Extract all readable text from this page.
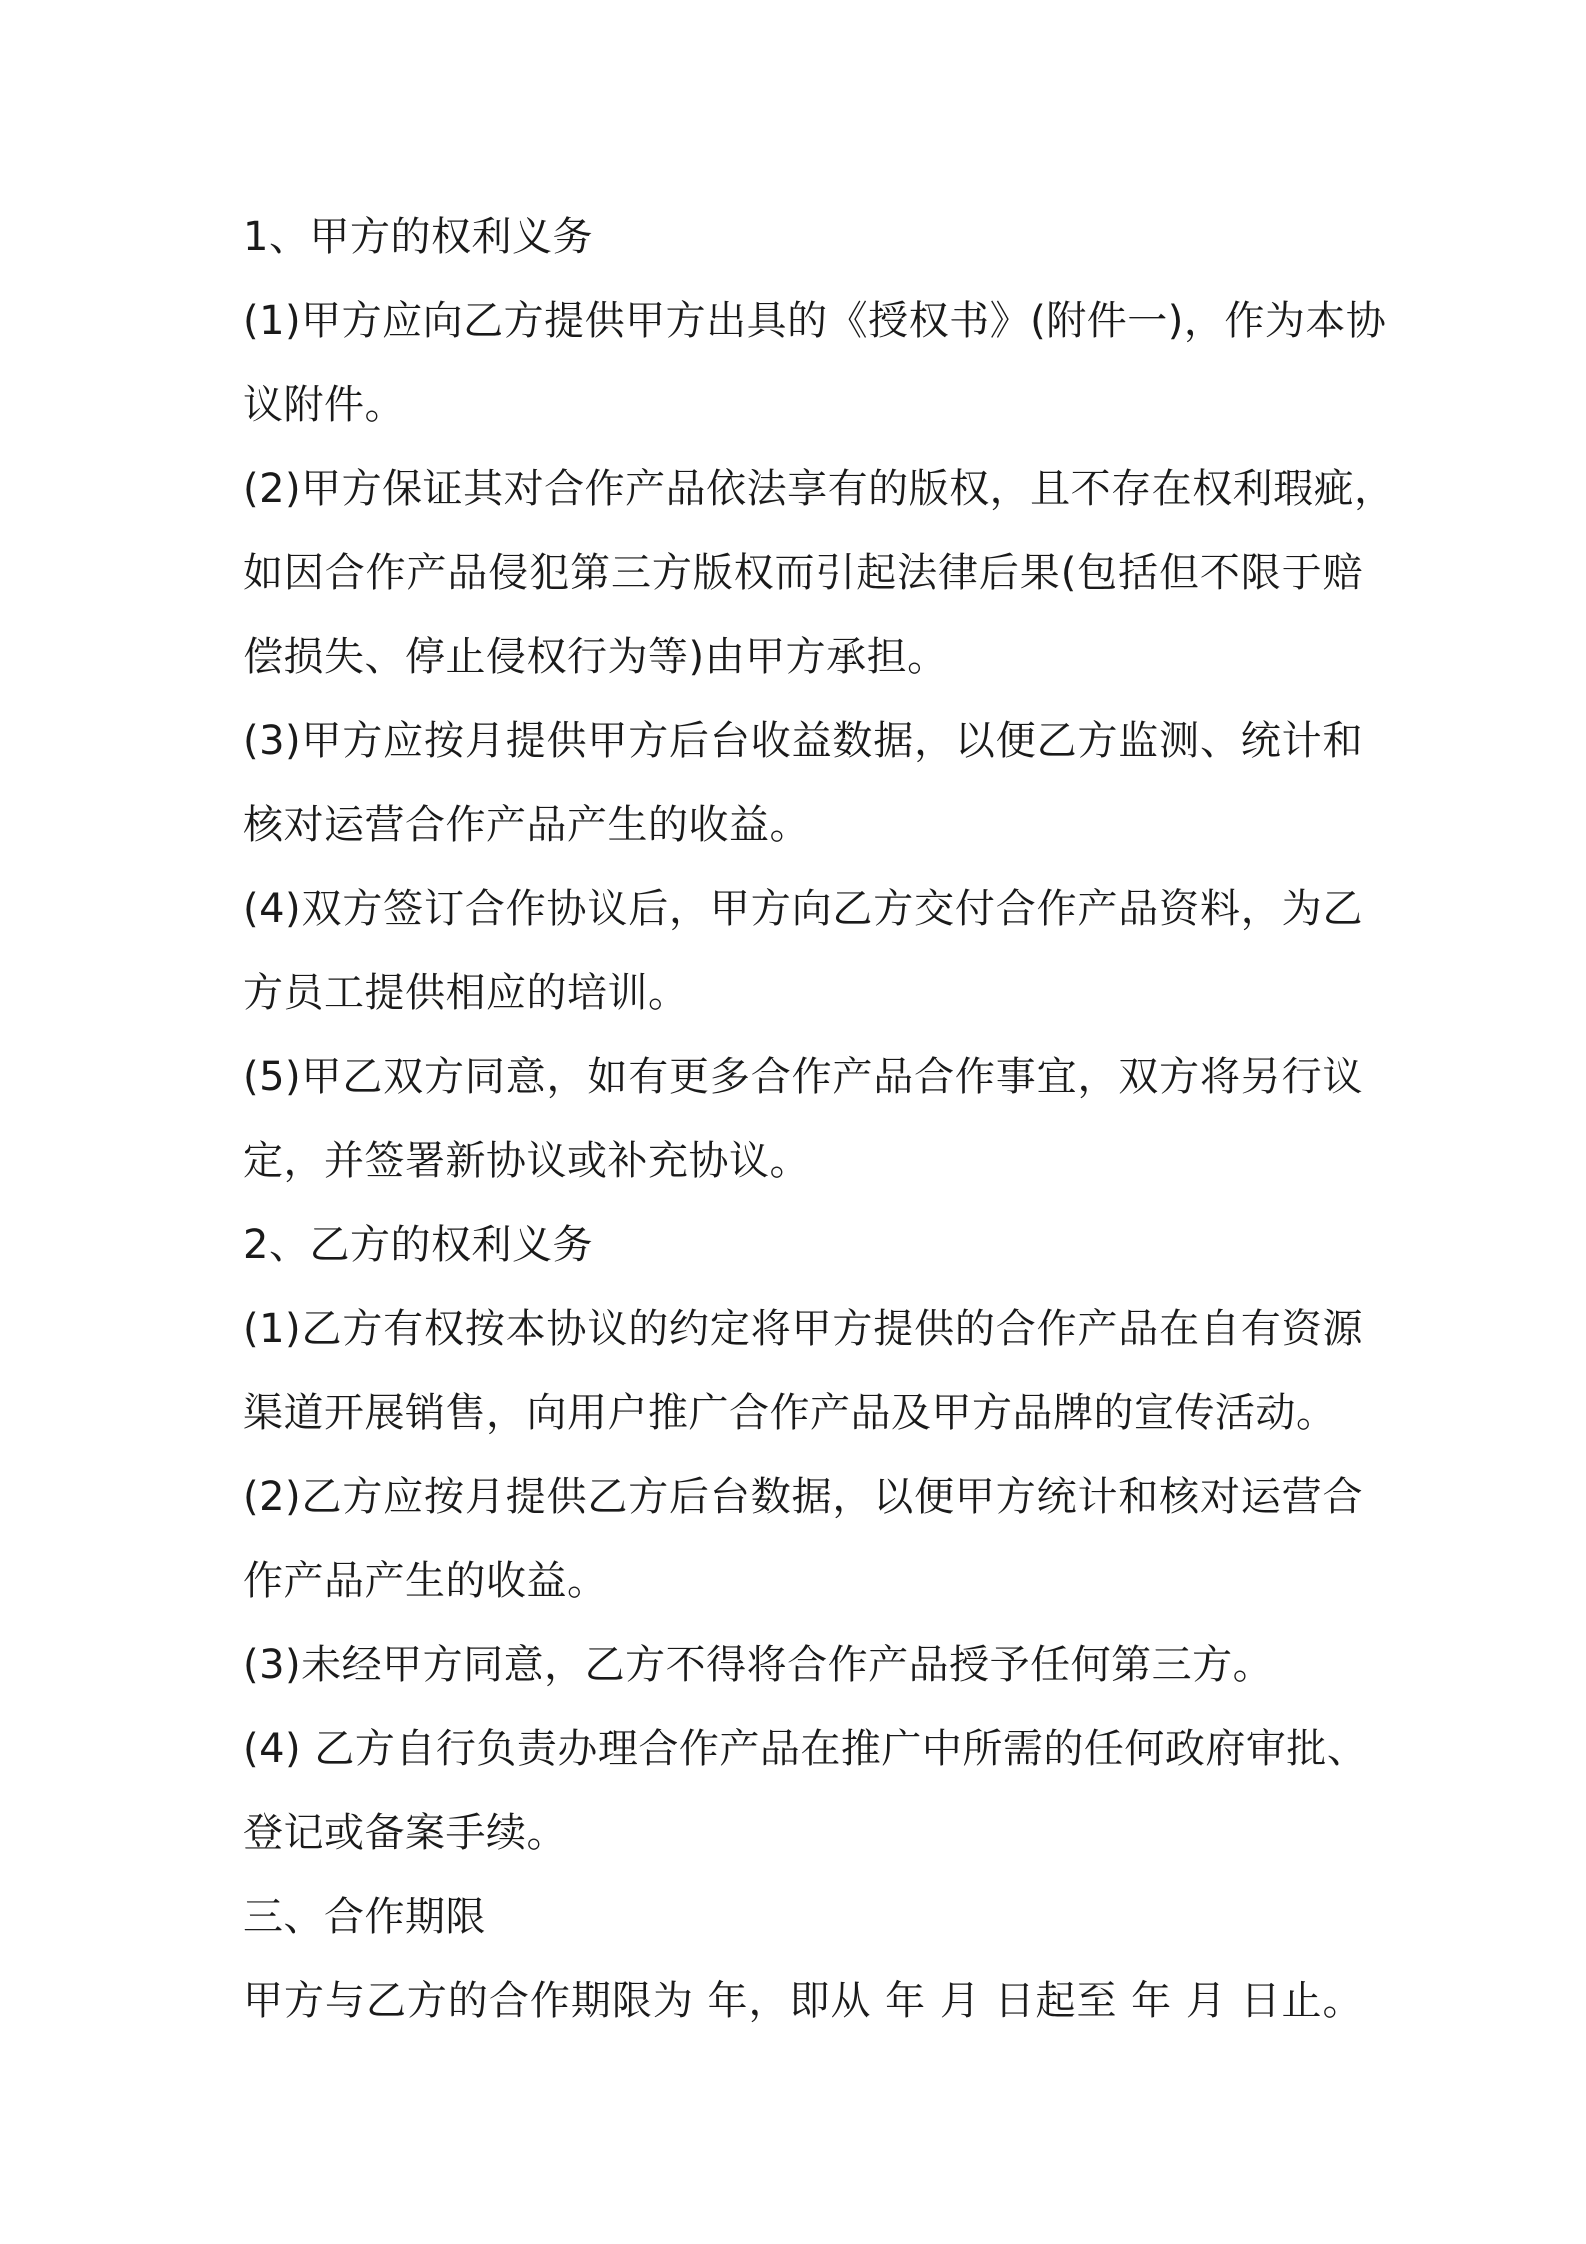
1、甲方的权利义务
(1)甲方应向乙方提供甲方出具的《授权书》(附件一)，作为本协
议附件。
(2)甲方保证其对合作产品依法享有的版权，且不存在权利瑕疵，
如因合作产品侵犯第三方版权而引起法律后果(包括但不限于赔
偿损失、停止侵权行为等)由甲方承担。
(3)甲方应按月提供甲方后台收益数据，以便乙方监测、统计和
核对运营合作产品产生的收益。
(4)双方签订合作协议后，甲方向乙方交付合作产品资料，为乙
方员工提供相应的培训。
(5)甲乙双方同意，如有更多合作产品合作事宜，双方将另行议
定，并签署新协议或补充协议。
2、乙方的权利义务
(1)乙方有权按本协议的约定将甲方提供的合作产品在自有资源
渠道开展销售，向用户推广合作产品及甲方品牌的宣传活动。
(2)乙方应按月提供乙方后台数据，以便甲方统计和核对运营合
作产品产生的收益。
(3)未经甲方同意，乙方不得将合作产品授予任何第三方。
(4) 乙方自行负责办理合作产品在推广中所需的任何政府审批、
登记或备案手续。
三、合作期限
甲方与乙方的合作期限为 年，即从 年 月 日起至 年 月 日止。
